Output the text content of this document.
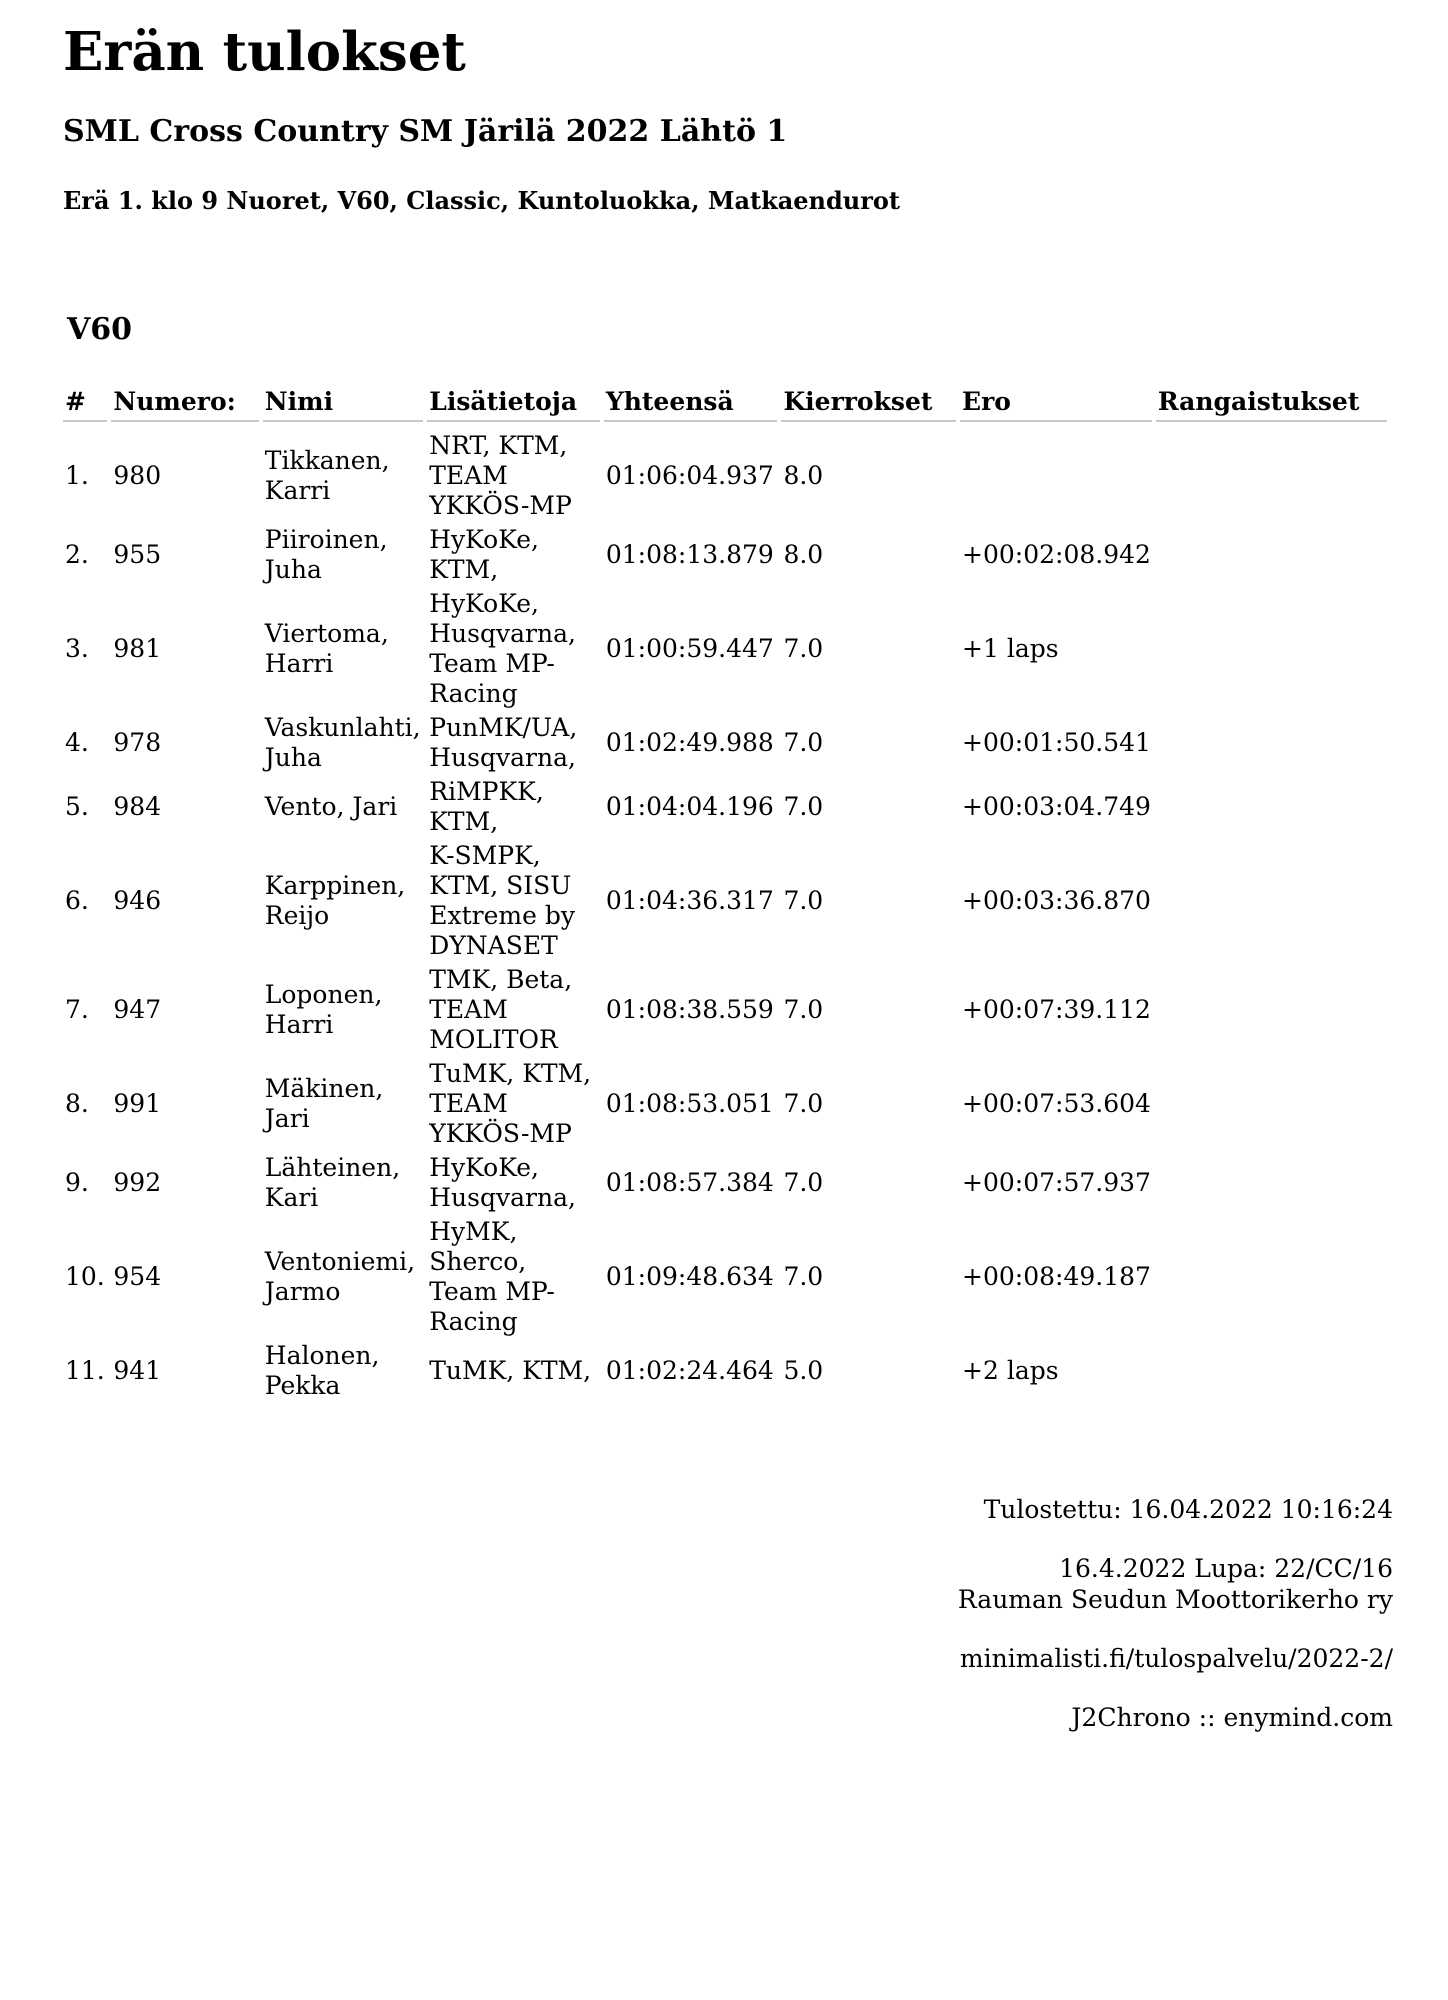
Erän tulokset
SML Cross Country SM Järilä 2022 Lähtö 1
Erä 1. klo 9 Nuoret, V60, Classic, Kuntoluokka, Matkaendurot
V60
#	Numero:	Nimi	Lisätietoja	Yhteensä	Kierrokset	Ero	Rangaistukset
1.	980	Tikkanen, Karri	NRT, KTM, TEAM YKKÖS-MP	01:06:04.937	8.0		
2.	955	Piiroinen, Juha	HyKoKe, KTM,	01:08:13.879	8.0	+00:02:08.942	
3.	981	Viertoma, Harri	HyKoKe, Husqvarna, Team MP-Racing	01:00:59.447	7.0	+1 laps	
4.	978	Vaskunlahti, Juha	PunMK/UA, Husqvarna,	01:02:49.988	7.0	+00:01:50.541	
5.	984	Vento, Jari	RiMPKK, KTM,	01:04:04.196	7.0	+00:03:04.749	
6.	946	Karppinen, Reijo	K-SMPK, KTM, SISU Extreme by DYNASET	01:04:36.317	7.0	+00:03:36.870	
7.	947	Loponen, Harri	TMK, Beta, TEAM MOLITOR	01:08:38.559	7.0	+00:07:39.112	
8.	991	Mäkinen, Jari	TuMK, KTM, TEAM YKKÖS-MP	01:08:53.051	7.0	+00:07:53.604	
9.	992	Lähteinen, Kari	HyKoKe, Husqvarna,	01:08:57.384	7.0	+00:07:57.937	
10.	954	Ventoniemi, Jarmo	HyMK, Sherco, Team MP-Racing	01:09:48.634	7.0	+00:08:49.187	
11.	941	Halonen, Pekka	TuMK, KTM,	01:02:24.464	5.0	+2 laps	

Tulostettu: 16.04.2022 10:16:24

16.4.2022 Lupa: 22/CC/16

Rauman Seudun Moottorikerho ry

minimalisti.fi/tulospalvelu/2022-2/

J2Chrono :: enymind.com
